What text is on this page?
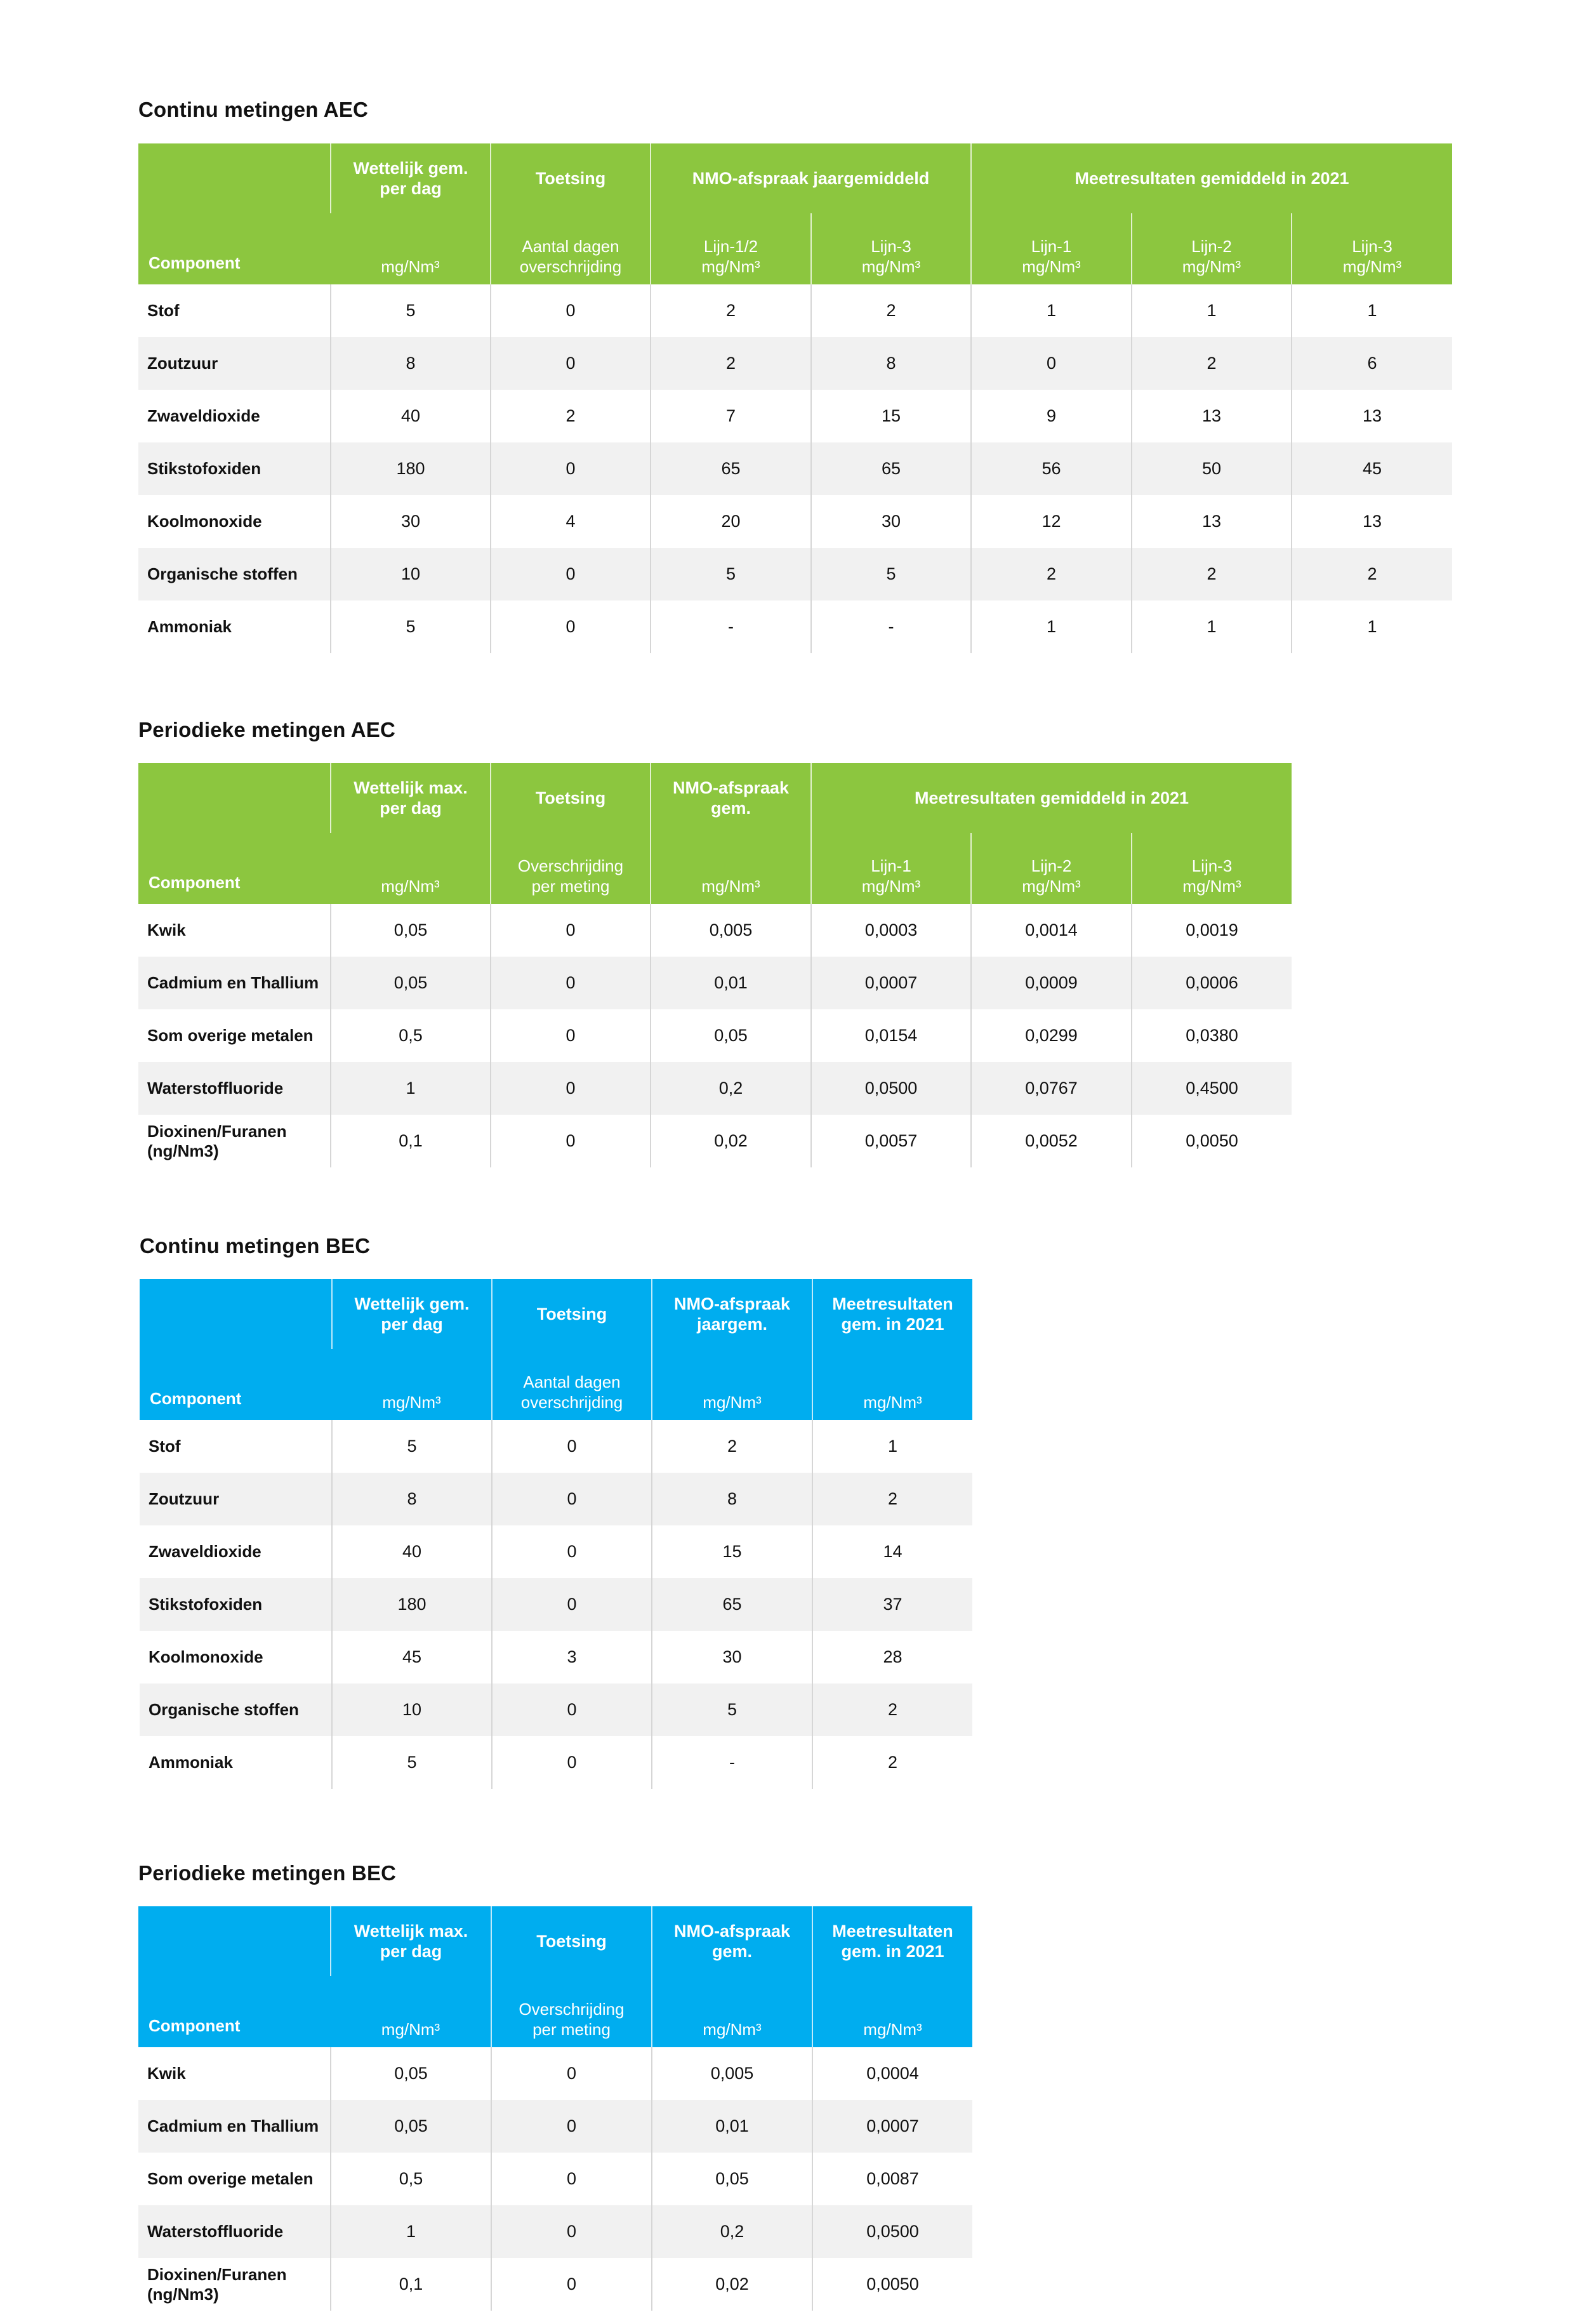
Continu metingen AEC
Component	Wettelijk gem. per dag	Toetsing	NMO-afspraak jaargemiddeld		Meetresultaten gemiddeld in 2021		
	mg/Nm³	Aantal dagen overschrijding	Lijn-1/2 mg/Nm³	Lijn-3 mg/Nm³	Lijn-1 mg/Nm³	Lijn-2 mg/Nm³	Lijn-3 mg/Nm³
Stof	5	0	2	2	1	1	1
Zoutzuur	8	0	2	8	0	2	6
Zwaveldioxide	40	2	7	15	9	13	13
Stikstofoxiden	180	0	65	65	56	50	45
Koolmonoxide	30	4	20	30	12	13	13
Organische stoffen	10	0	5	5	2	2	2
Ammoniak	5	0	-	-	1	1	1
Periodieke metingen AEC
Component	Wettelijk max. per dag	Toetsing	NMO-afspraak gem.	Meetresultaten gemiddeld in 2021		
	mg/Nm³	Overschrijding per meting	mg/Nm³	Lijn-1 mg/Nm³	Lijn-2 mg/Nm³	Lijn-3 mg/Nm³
Kwik	0,05	0	0,005	0,0003	0,0014	0,0019
Cadmium en Thallium	0,05	0	0,01	0,0007	0,0009	0,0006
Som overige metalen	0,5	0	0,05	0,0154	0,0299	0,0380
Waterstoffluoride	1	0	0,2	0,0500	0,0767	0,4500
Dioxinen/Furanen (ng/Nm3)	0,1	0	0,02	0,0057	0,0052	0,0050
Continu metingen BEC
Component	Wettelijk gem. per dag	Toetsing	NMO-afspraak jaargem.	Meetresultaten gem. in 2021
	mg/Nm³	Aantal dagen overschrijding	mg/Nm³	mg/Nm³
Stof	5	0	2	1
Zoutzuur	8	0	8	2
Zwaveldioxide	40	0	15	14
Stikstofoxiden	180	0	65	37
Koolmonoxide	45	3	30	28
Organische stoffen	10	0	5	2
Ammoniak	5	0	-	2
Periodieke metingen BEC
Component	Wettelijk max. per dag	Toetsing	NMO-afspraak gem.	Meetresultaten gem. in 2021
	mg/Nm³	Overschrijding per meting	mg/Nm³	mg/Nm³
Kwik	0,05	0	0,005	0,0004
Cadmium en Thallium	0,05	0	0,01	0,0007
Som overige metalen	0,5	0	0,05	0,0087
Waterstoffluoride	1	0	0,2	0,0500
Dioxinen/Furanen (ng/Nm3)	0,1	0	0,02	0,0050
